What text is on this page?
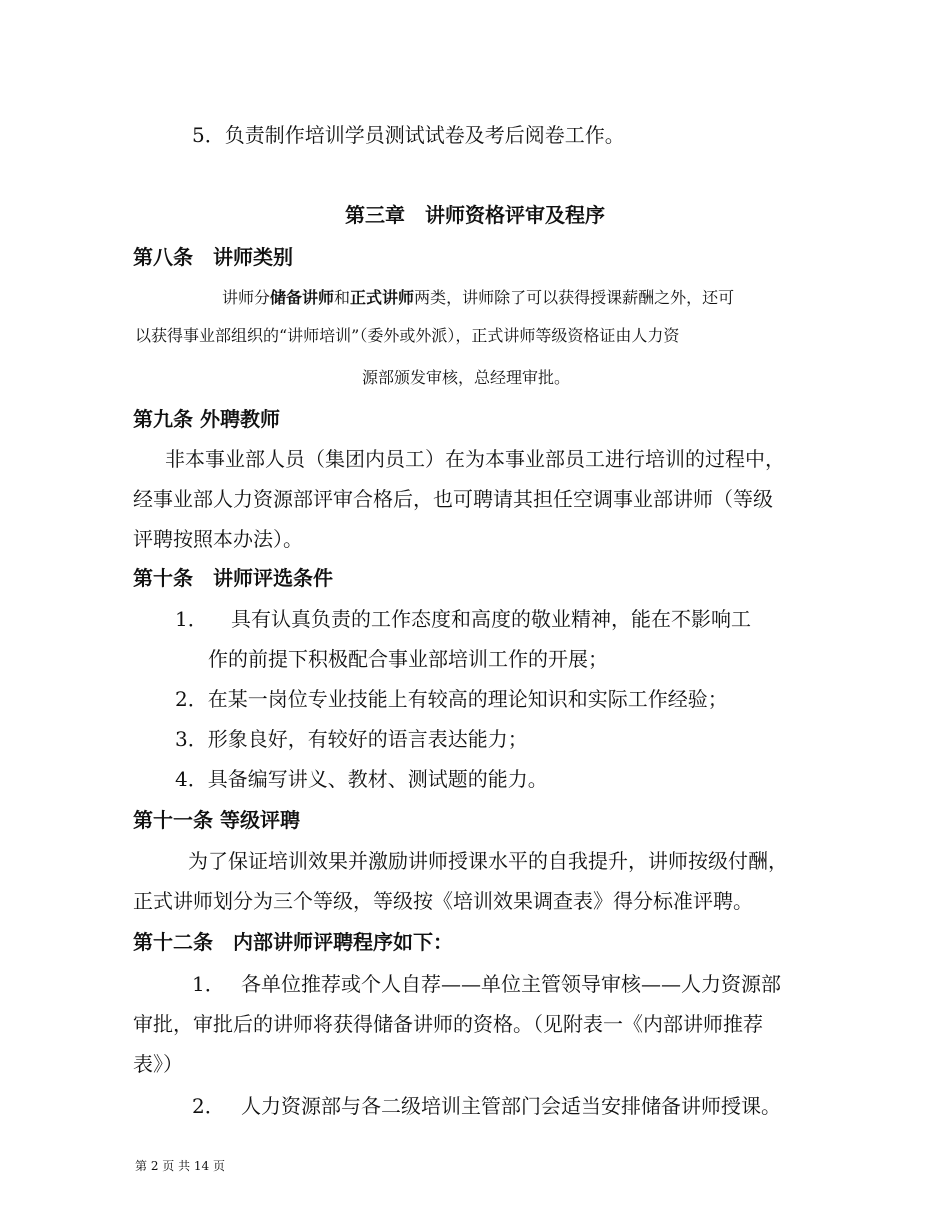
5．负责制作培训学员测试试卷及考后阅卷工作。
第三章　讲师资格评审及程序
第八条　讲师类别
讲师分储备讲师和正式讲师两类，讲师除了可以获得授课薪酬之外，还可
以获得事业部组织的“讲师培训”（委外或外派），正式讲师等级资格证由人力资
源部颁发审核，总经理审批。
第九条 外聘教师
非本事业部人员（集团内员工）在为本事业部员工进行培训的过程中，
经事业部人力资源部评审合格后，也可聘请其担任空调事业部讲师（等级
评聘按照本办法）。
第十条　讲师评选条件
1． 具有认真负责的工作态度和高度的敬业精神，能在不影响工
作的前提下积极配合事业部培训工作的开展；
2．在某一岗位专业技能上有较高的理论知识和实际工作经验；
3．形象良好，有较好的语言表达能力；
4．具备编写讲义、教材、测试题的能力。
第十一条 等级评聘
为了保证培训效果并激励讲师授课水平的自我提升，讲师按级付酬，
正式讲师划分为三个等级，等级按《培训效果调查表》得分标准评聘。
第十二条　内部讲师评聘程序如下：
1． 各单位推荐或个人自荐——单位主管领导审核——人力资源部
审批，审批后的讲师将获得储备讲师的资格。（见附表一《内部讲师推荐
表》）
2． 人力资源部与各二级培训主管部门会适当安排储备讲师授课。
第 2 页 共 14 页
